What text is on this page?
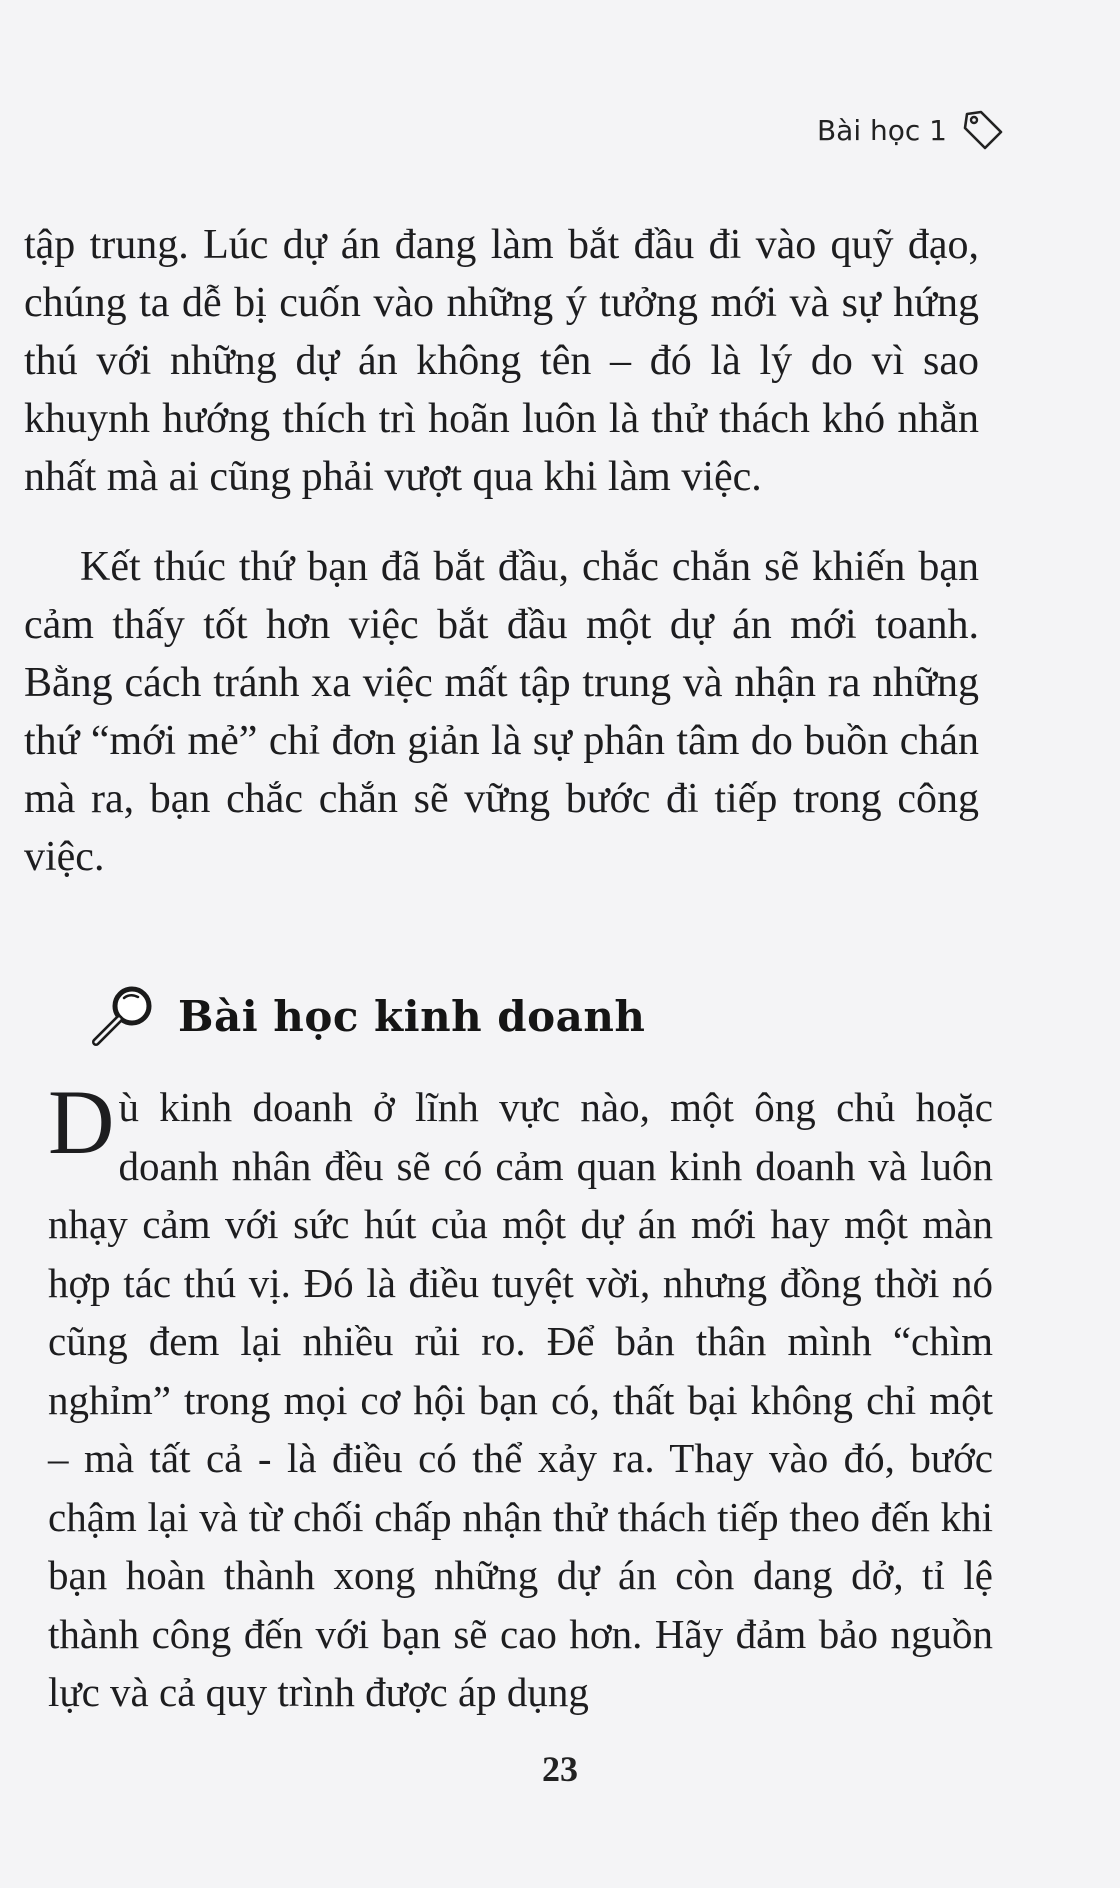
Bài học 1

tập trung. Lúc dự án đang làm bắt đầu đi vào quỹ đạo, chúng ta dễ bị cuốn vào những ý tưởng mới và sự hứng thú với những dự án không tên – đó là lý do vì sao khuynh hướng thích trì hoãn luôn là thử thách khó nhằn nhất mà ai cũng phải vượt qua khi làm việc.

Kết thúc thứ bạn đã bắt đầu, chắc chắn sẽ khiến bạn cảm thấy tốt hơn việc bắt đầu một dự án mới toanh. Bằng cách tránh xa việc mất tập trung và nhận ra những thứ “mới mẻ” chỉ đơn giản là sự phân tâm do buồn chán mà ra, bạn chắc chắn sẽ vững bước đi tiếp trong công việc.

Bài học kinh doanh

Dù kinh doanh ở lĩnh vực nào, một ông chủ hoặc doanh nhân đều sẽ có cảm quan kinh doanh và luôn nhạy cảm với sức hút của một dự án mới hay một màn hợp tác thú vị. Đó là điều tuyệt vời, nhưng đồng thời nó cũng đem lại nhiều rủi ro. Để bản thân mình “chìm nghỉm” trong mọi cơ hội bạn có, thất bại không chỉ một – mà tất cả - là điều có thể xảy ra. Thay vào đó, bước chậm lại và từ chối chấp nhận thử thách tiếp theo đến khi bạn hoàn thành xong những dự án còn dang dở, tỉ lệ thành công đến với bạn sẽ cao hơn. Hãy đảm bảo nguồn lực và cả quy trình được áp dụng

23
